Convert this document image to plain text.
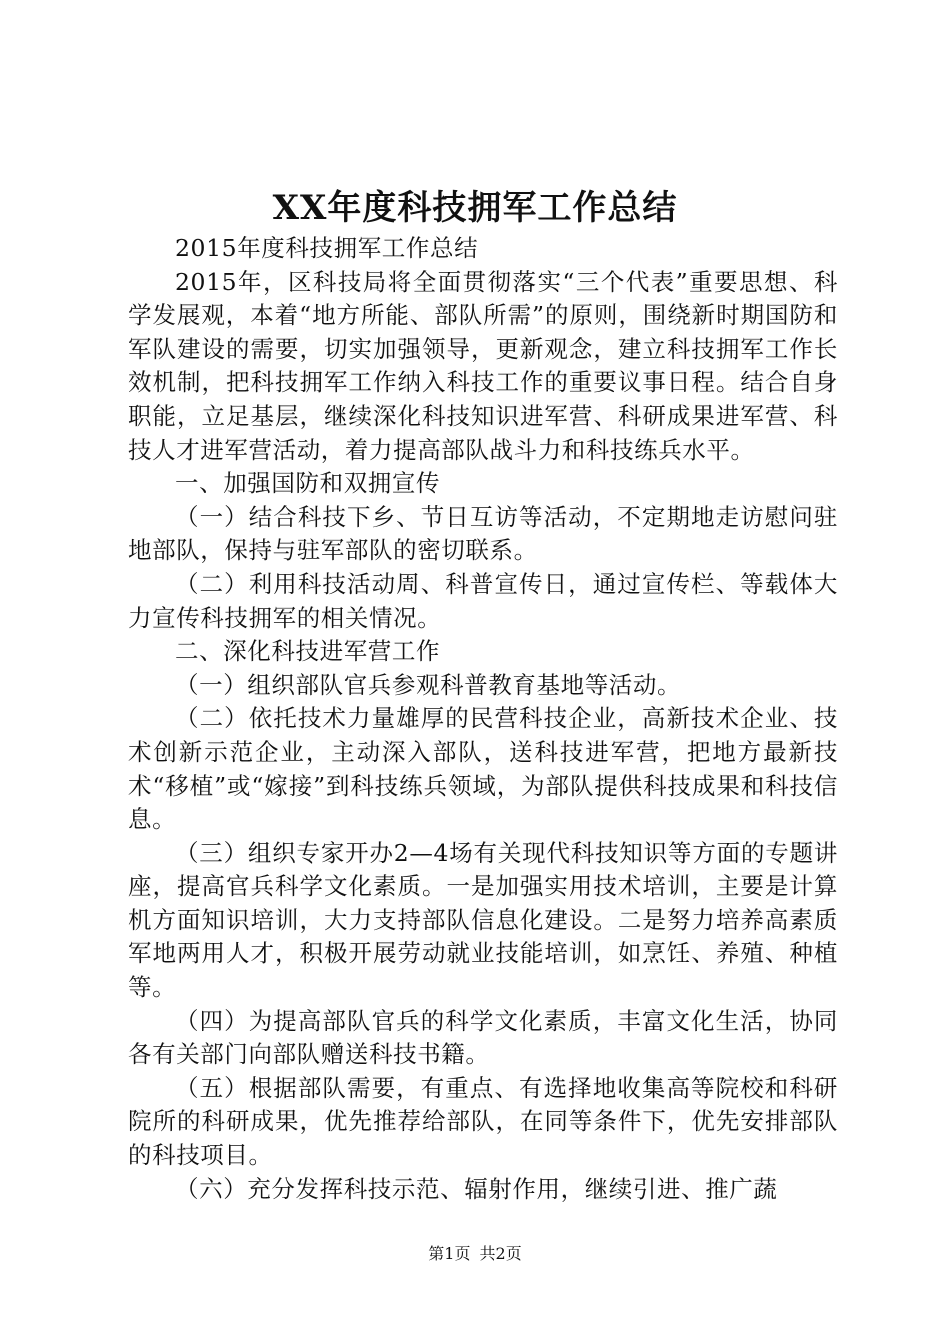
XX年度科技拥军工作总结

2015年度科技拥军工作总结

2015年，区科技局将全面贯彻落实“三个代表”重要思想、科学发展观，本着“地方所能、部队所需”的原则，围绕新时期国防和军队建设的需要，切实加强领导，更新观念，建立科技拥军工作长效机制，把科技拥军工作纳入科技工作的重要议事日程。结合自身职能，立足基层，继续深化科技知识进军营、科研成果进军营、科技人才进军营活动，着力提高部队战斗力和科技练兵水平。

一、加强国防和双拥宣传

（一）结合科技下乡、节日互访等活动，不定期地走访慰问驻地部队，保持与驻军部队的密切联系。

（二）利用科技活动周、科普宣传日，通过宣传栏、等载体大力宣传科技拥军的相关情况。

二、深化科技进军营工作

（一）组织部队官兵参观科普教育基地等活动。

（二）依托技术力量雄厚的民营科技企业，高新技术企业、技术创新示范企业，主动深入部队，送科技进军营，把地方最新技术“移植”或“嫁接”到科技练兵领域，为部队提供科技成果和科技信息。

（三）组织专家开办2—4场有关现代科技知识等方面的专题讲座，提高官兵科学文化素质。一是加强实用技术培训，主要是计算机方面知识培训，大力支持部队信息化建设。二是努力培养高素质军地两用人才，积极开展劳动就业技能培训，如烹饪、养殖、种植等。

（四）为提高部队官兵的科学文化素质，丰富文化生活，协同各有关部门向部队赠送科技书籍。

（五）根据部队需要，有重点、有选择地收集高等院校和科研院所的科研成果，优先推荐给部队，在同等条件下，优先安排部队的科技项目。

（六）充分发挥科技示范、辐射作用，继续引进、推广蔬

第1页 共2页
